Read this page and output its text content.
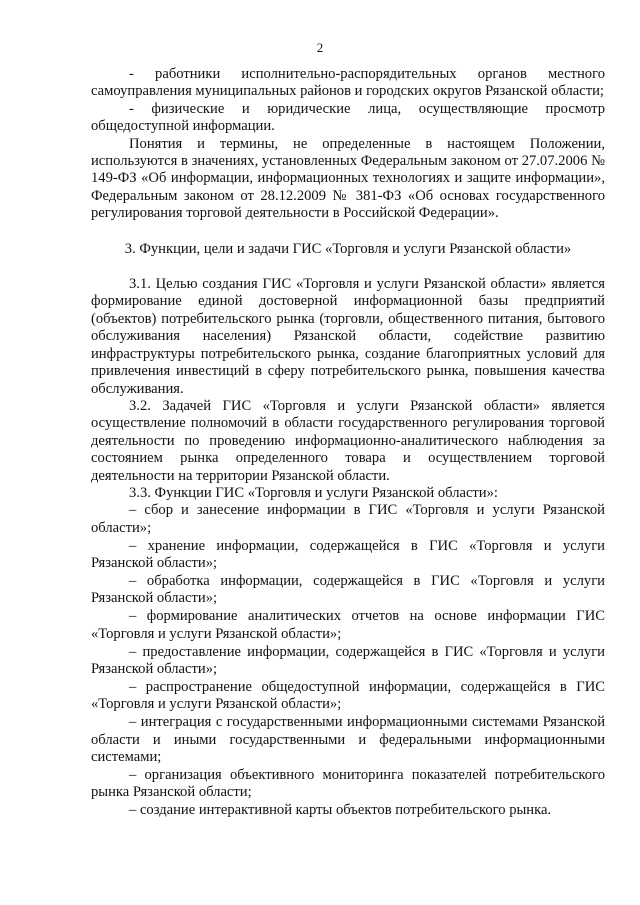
2

- работники исполнительно-распорядительных органов местного самоуправления муниципальных районов и городских округов Рязанской области;

- физические и юридические лица, осуществляющие просмотр общедоступной информации.

Понятия и термины, не определенные в настоящем Положении, используются в значениях, установленных Федеральным законом от 27.07.2006 № 149-ФЗ «Об информации, информационных технологиях и защите информации», Федеральным законом от 28.12.2009 № 381-ФЗ «Об основах государственного регулирования торговой деятельности в Российской Федерации».

3. Функции, цели и задачи ГИС «Торговля и услуги Рязанской области»

3.1. Целью создания ГИС «Торговля и услуги Рязанской области» является формирование единой достоверной информационной базы предприятий (объектов) потребительского рынка (торговли, общественного питания, бытового обслуживания населения) Рязанской области, содействие развитию инфраструктуры потребительского рынка, создание благоприятных условий для привлечения инвестиций в сферу потребительского рынка, повышения качества обслуживания.

3.2. Задачей ГИС «Торговля и услуги Рязанской области» является осуществление полномочий в области государственного регулирования торговой деятельности по проведению информационно-аналитического наблюдения за состоянием рынка определенного товара и осуществлением торговой деятельности на территории Рязанской области.

3.3. Функции ГИС «Торговля и услуги Рязанской области»:

– сбор и занесение информации в ГИС «Торговля и услуги Рязанской области»;

– хранение информации, содержащейся в ГИС «Торговля и услуги Рязанской области»;

– обработка информации, содержащейся в ГИС «Торговля и услуги Рязанской области»;

– формирование аналитических отчетов на основе информации ГИС «Торговля и услуги Рязанской области»;

– предоставление информации, содержащейся в ГИС «Торговля и услуги Рязанской области»;

– распространение общедоступной информации, содержащейся в ГИС «Торговля и услуги Рязанской области»;

– интеграция с государственными информационными системами Рязанской области и иными государственными и федеральными информационными системами;

– организация объективного мониторинга показателей потребительского рынка Рязанской области;

– создание интерактивной карты объектов потребительского рынка.
